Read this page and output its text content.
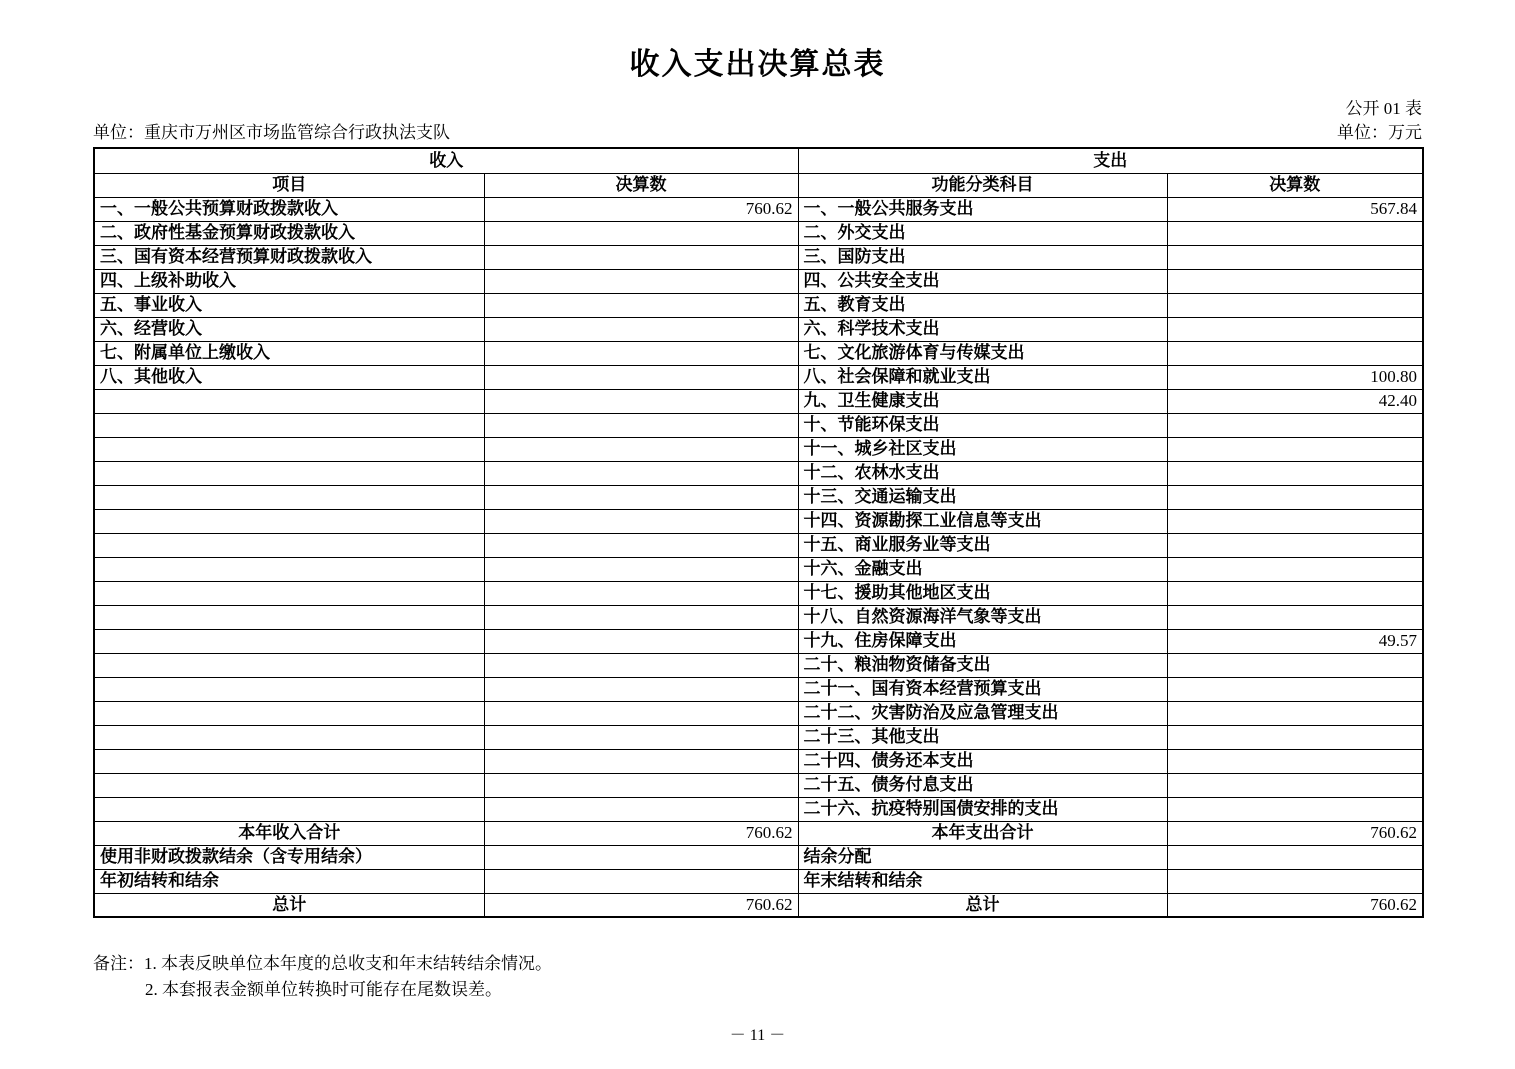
收入支出决算总表
公开 01 表
单位：重庆市万州区市场监管综合行政执法支队	单位：万元
收入		支出	
项目	决算数	功能分类科目	决算数
一、一般公共预算财政拨款收入	760.62	一、一般公共服务支出	567.84
二、政府性基金预算财政拨款收入		二、外交支出	
三、国有资本经营预算财政拨款收入		三、国防支出	
四、上级补助收入		四、公共安全支出	
五、事业收入		五、教育支出	
六、经营收入		六、科学技术支出	
七、附属单位上缴收入		七、文化旅游体育与传媒支出	
八、其他收入		八、社会保障和就业支出	100.80
		九、卫生健康支出	42.40
		十、节能环保支出	
		十一、城乡社区支出	
		十二、农林水支出	
		十三、交通运输支出	
		十四、资源勘探工业信息等支出	
		十五、商业服务业等支出	
		十六、金融支出	
		十七、援助其他地区支出	
		十八、自然资源海洋气象等支出	
		十九、住房保障支出	49.57
		二十、粮油物资储备支出	
		二十一、国有资本经营预算支出	
		二十二、灾害防治及应急管理支出	
		二十三、其他支出	
		二十四、债务还本支出	
		二十五、债务付息支出	
		二十六、抗疫特别国债安排的支出	
本年收入合计	760.62	本年支出合计	760.62
使用非财政拨款结余（含专用结余）		结余分配	
年初结转和结余		年末结转和结余	
总计	760.62	总计	760.62
备注： 1. 本表反映单位本年度的总收支和年末结转结余情况。
2. 本套报表金额单位转换时可能存在尾数误差。
－ 11 －
